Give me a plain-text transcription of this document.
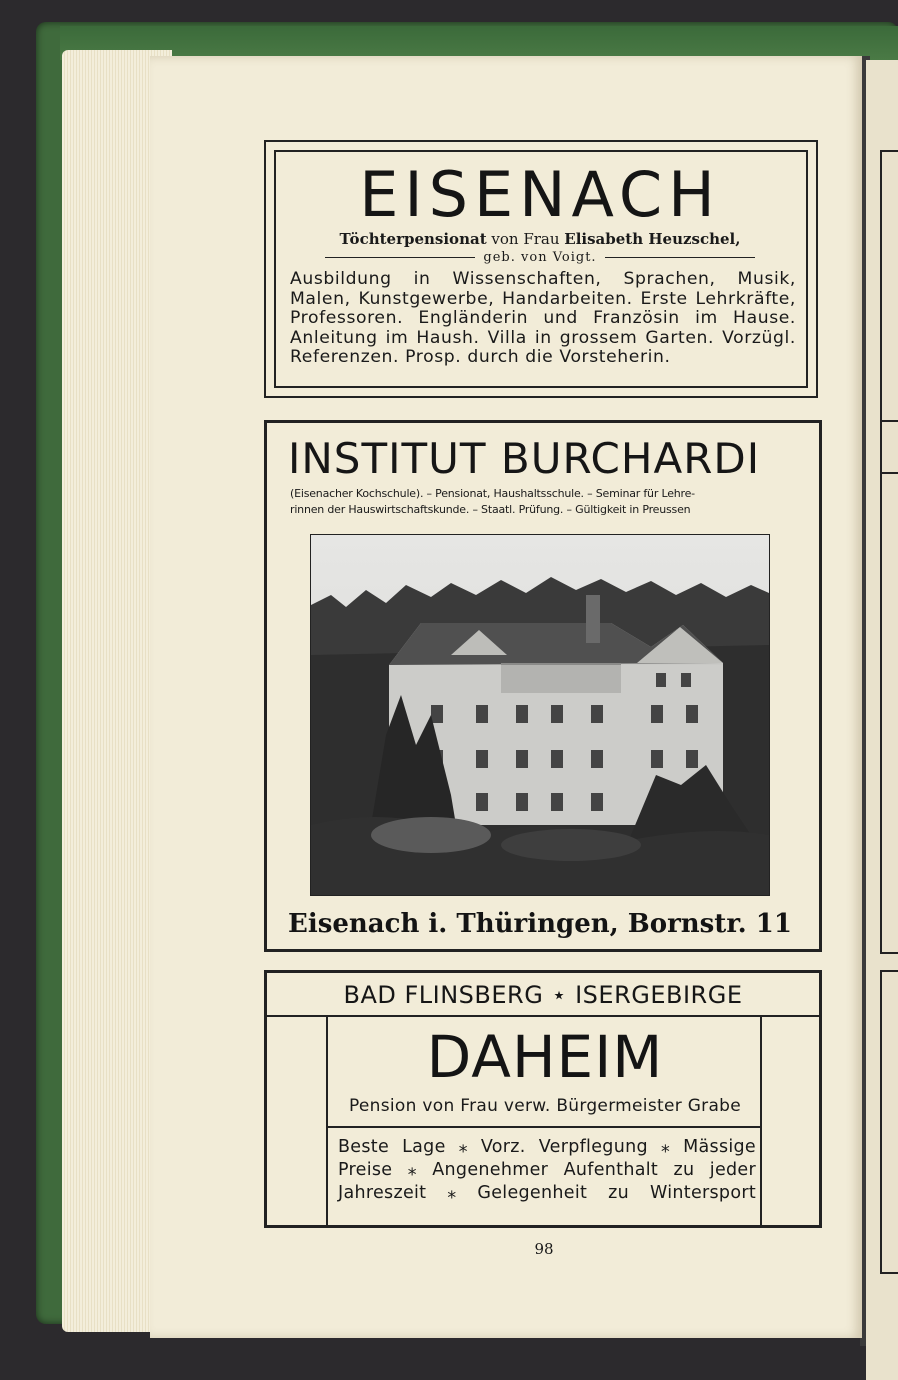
EISENACH
Töchterpensionat von Frau Elisabeth Heuzschel,
geb. von Voigt.
Ausbildung in Wissenschaften, Sprachen, Musik, Malen, Kunstgewerbe, Handarbeiten. Erste Lehrkräfte, Professoren. Engländerin und Französin im Hause. Anleitung im Haush. Villa in grossem Garten. Vorzügl. Referenzen. Prosp. durch die Vorsteherin.
INSTITUT BURCHARDI
(Eisenacher Kochschule). – Pensionat, Haushaltsschule. – Seminar für Lehre-
rinnen der Hauswirtschaftskunde. – Staatl. Prüfung. – Gültigkeit in Preussen
Eisenach i. Thüringen, Bornstr. 11
BAD FLINSBERG ⋆ ISERGEBIRGE
DAHEIM
Pension von Frau verw. Bürgermeister Grabe
Beste Lage ⁎ Vorz. Verpflegung ⁎ Mässige
Preise ⁎ Angenehmer Aufenthalt zu jeder
Jahreszeit ⁎ Gelegenheit zu Wintersport
98
